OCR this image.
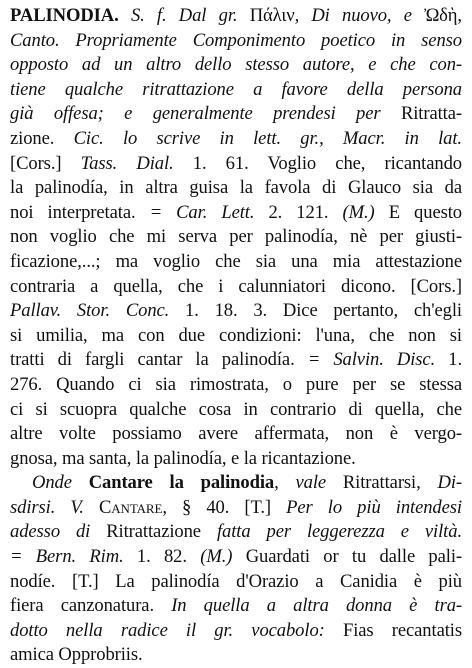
PALINODIA. S. f. Dal gr. Πάλιν, Di nuovo, e Ὠδὴ,
Canto. Propriamente Componimento poetico in senso
opposto ad un altro dello stesso autore, e che con-
tiene qualche ritrattazione a favore della persona
già offesa; e generalmente prendesi per Ritratta-
zione. Cic. lo scrive in lett. gr., Macr. in lat.
[Cors.] Tass. Dial. 1. 61. Voglio che, ricantando
la palinodía, in altra guisa la favola di Glauco sia da
noi interpretata. = Car. Lett. 2. 121. (M.) E questo
non voglio che mi serva per palinodía, nè per giusti-
ficazione,...; ma voglio che sia una mia attestazione
contraria a quella, che i calunniatori dicono. [Cors.]
Pallav. Stor. Conc. 1. 18. 3. Dice pertanto, ch'egli
si umilia, ma con due condizioni: l'una, che non si
tratti di fargli cantar la palinodía. = Salvin. Disc. 1.
276. Quando ci sia rimostrata, o pure per se stessa
ci si scuopra qualche cosa in contrario di quella, che
altre volte possiamo avere affermata, non è vergo-
gnosa, ma santa, la palinodía, e la ricantazione.
Onde Cantare la palinodia, vale Ritrattarsi, Di-
sdirsi. V. Cantare, § 40. [T.] Per lo più intendesi
adesso di Ritrattazione fatta per leggerezza e viltà.
= Bern. Rim. 1. 82. (M.) Guardati or tu dalle pali-
nodíe. [T.] La palinodía d'Orazio a Canidia è più
fiera canzonatura. In quella a altra donna è tra-
dotto nella radice il gr. vocabolo: Fias recantatis
amica Opprobriis.
